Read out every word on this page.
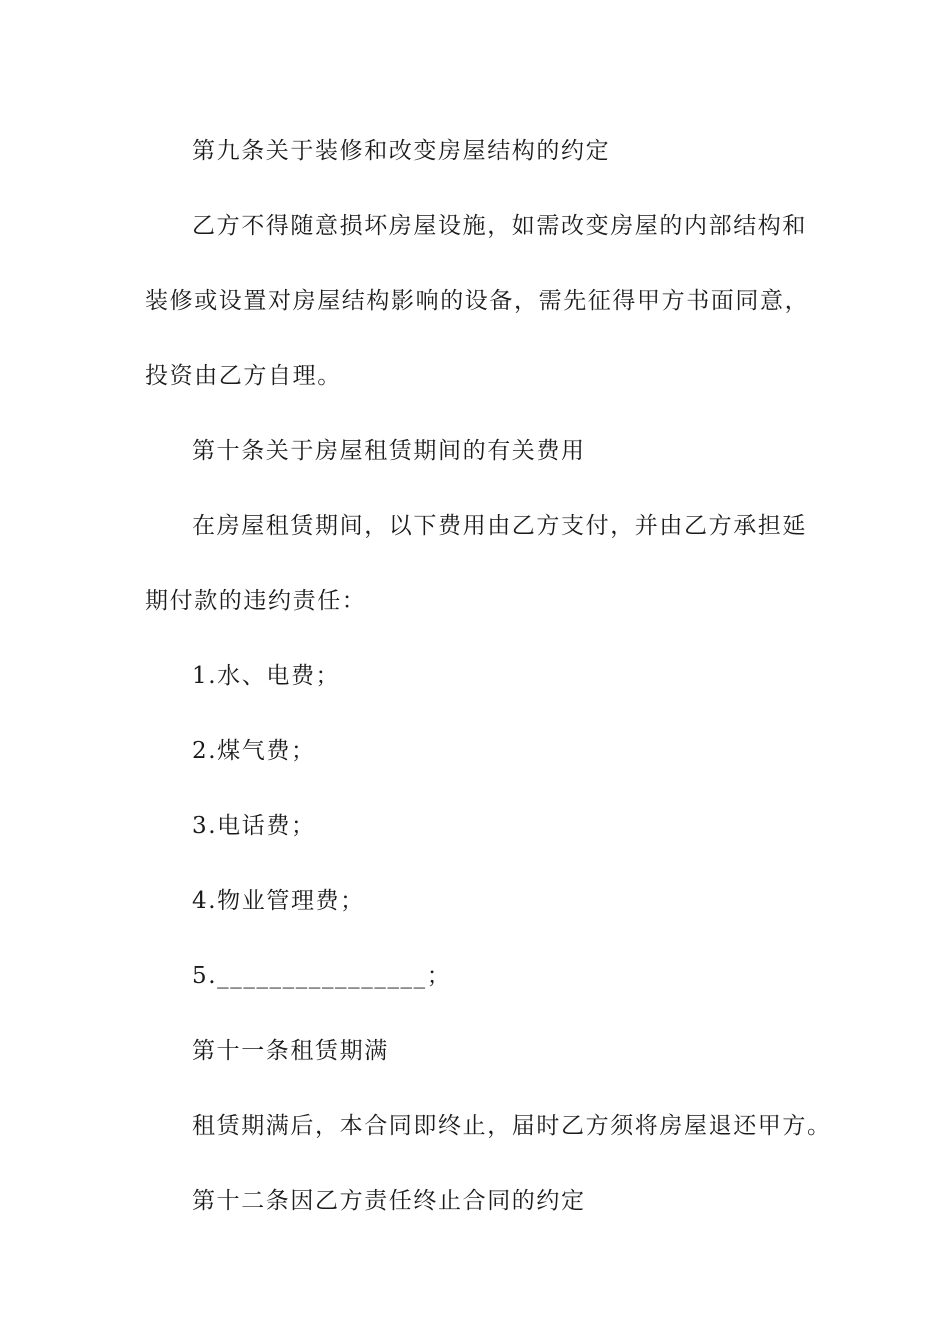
第九条关于装修和改变房屋结构的约定
乙方不得随意损坏房屋设施，如需改变房屋的内部结构和
装修或设置对房屋结构影响的设备，需先征得甲方书面同意，
投资由乙方自理。
第十条关于房屋租赁期间的有关费用
在房屋租赁期间，以下费用由乙方支付，并由乙方承担延
期付款的违约责任：
1.水、电费；
2.煤气费；
3.电话费；
4.物业管理费；
5.________________；
第十一条租赁期满
租赁期满后，本合同即终止，届时乙方须将房屋退还甲方。
第十二条因乙方责任终止合同的约定
